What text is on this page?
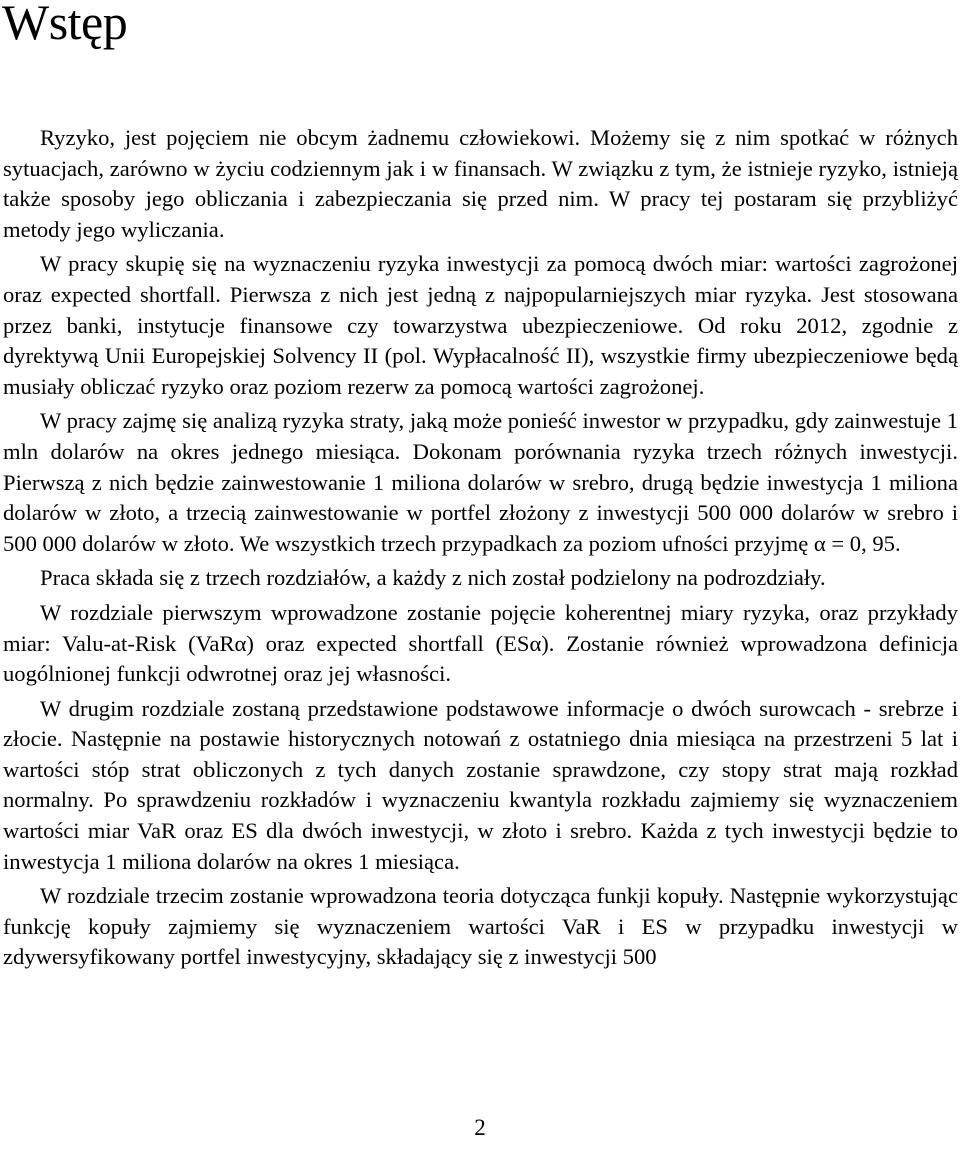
Wstęp

Ryzyko, jest pojęciem nie obcym żadnemu człowiekowi. Możemy się z nim spotkać w różnych sytuacjach, zarówno w życiu codziennym jak i w finansach. W związku z tym, że istnieje ryzyko, istnieją także sposoby jego obliczania i zabezpieczania się przed nim. W pracy tej postaram się przybliżyć metody jego wyliczania.

W pracy skupię się na wyznaczeniu ryzyka inwestycji za pomocą dwóch miar: wartości zagrożonej oraz expected shortfall. Pierwsza z nich jest jedną z najpopularniejszych miar ryzyka. Jest stosowana przez banki, instytucje finansowe czy towarzystwa ubezpieczeniowe. Od roku 2012, zgodnie z dyrektywą Unii Europejskiej Solvency II (pol. Wypłacalność II), wszystkie firmy ubezpieczeniowe będą musiały obliczać ryzyko oraz poziom rezerw za pomocą wartości zagrożonej.

W pracy zajmę się analizą ryzyka straty, jaką może ponieść inwestor w przypadku, gdy zainwestuje 1 mln dolarów na okres jednego miesiąca. Dokonam porównania ryzyka trzech różnych inwestycji. Pierwszą z nich będzie zainwestowanie 1 miliona dolarów w srebro, drugą będzie inwestycja 1 miliona dolarów w złoto, a trzecią zainwestowanie w portfel złożony z inwestycji 500 000 dolarów w srebro i 500 000 dolarów w złoto. We wszystkich trzech przypadkach za poziom ufności przyjmę α = 0, 95.

Praca składa się z trzech rozdziałów, a każdy z nich został podzielony na podrozdziały.

W rozdziale pierwszym wprowadzone zostanie pojęcie koherentnej miary ryzyka, oraz przykłady miar: Valu-at-Risk (VaRα) oraz expected shortfall (ESα). Zostanie również wprowadzona definicja uogólnionej funkcji odwrotnej oraz jej własności.

W drugim rozdziale zostaną przedstawione podstawowe informacje o dwóch surowcach - srebrze i złocie. Następnie na postawie historycznych notowań z ostatniego dnia miesiąca na przestrzeni 5 lat i wartości stóp strat obliczonych z tych danych zostanie sprawdzone, czy stopy strat mają rozkład normalny. Po sprawdzeniu rozkładów i wyznaczeniu kwantyla rozkładu zajmiemy się wyznaczeniem wartości miar VaR oraz ES dla dwóch inwestycji, w złoto i srebro. Każda z tych inwestycji będzie to inwestycja 1 miliona dolarów na okres 1 miesiąca.

W rozdziale trzecim zostanie wprowadzona teoria dotycząca funkji kopuły. Następnie wykorzystując funkcję kopuły zajmiemy się wyznaczeniem wartości VaR i ES w przypadku inwestycji w zdywersyfikowany portfel inwestycyjny, składający się z inwestycji 500

2
